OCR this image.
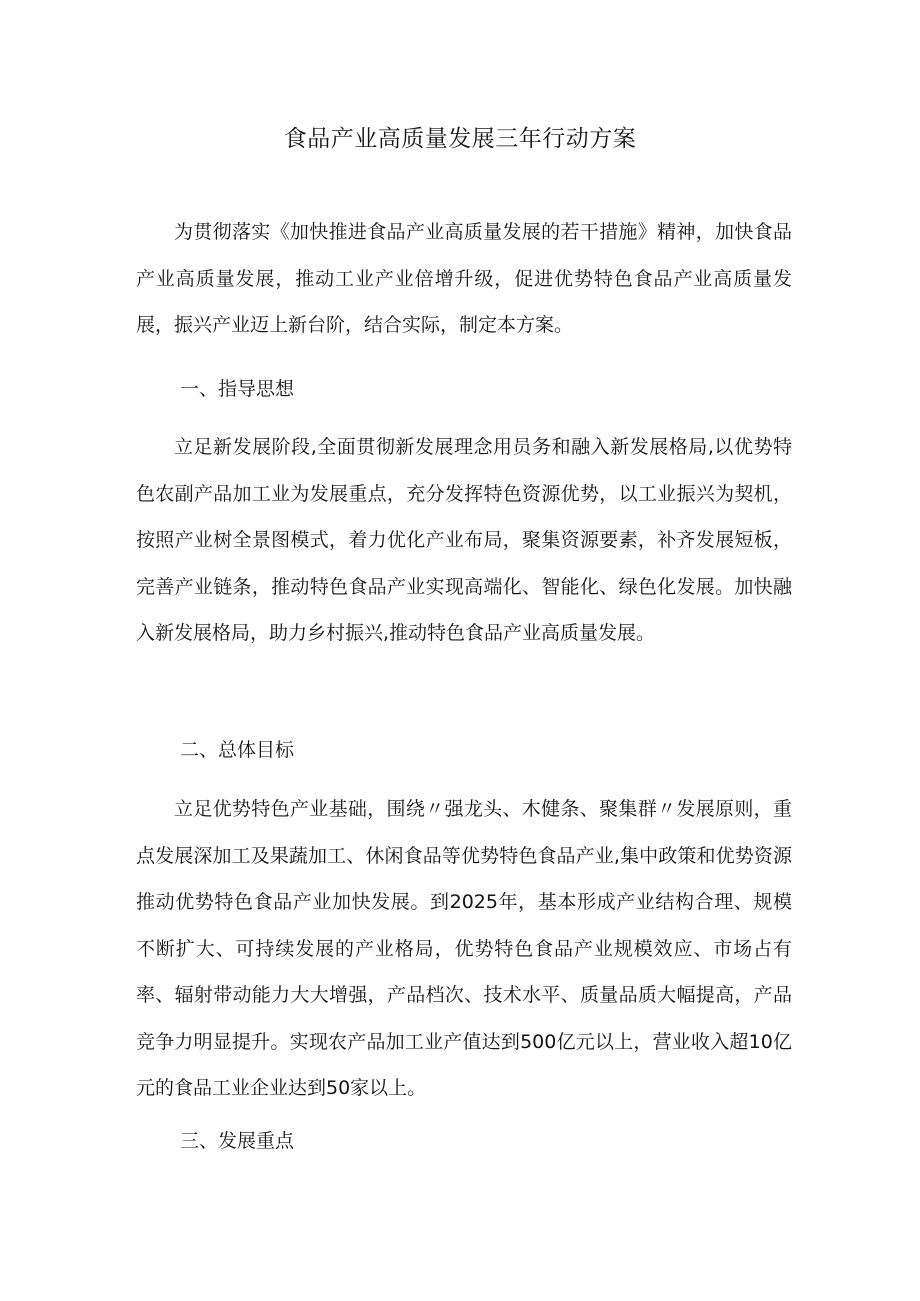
食品产业高质量发展三年行动方案

为贯彻落实《加快推进食品产业高质量发展的若干措施》精神，加快食品产业高质量发展，推动工业产业倍增升级，促进优势特色食品产业高质量发展，振兴产业迈上新台阶，结合实际，制定本方案。

一、指导思想

立足新发展阶段,全面贯彻新发展理念用员务和融入新发展格局,以优势特色农副产品加工业为发展重点，充分发挥特色资源优势，以工业振兴为契机，按照产业树全景图模式，着力优化产业布局，聚集资源要素，补齐发展短板，完善产业链条，推动特色食品产业实现高端化、智能化、绿色化发展。加快融入新发展格局，助力乡村振兴,推动特色食品产业高质量发展。

二、总体目标

立足优势特色产业基础，围绕〃强龙头、木健条、聚集群〃发展原则，重点发展深加工及果蔬加工、休闲食品等优势特色食品产业,集中政策和优势资源推动优势特色食品产业加快发展。到2025年，基本形成产业结构合理、规模不断扩大、可持续发展的产业格局，优势特色食品产业规模效应、市场占有率、辐射带动能力大大增强，产品档次、技术水平、质量品质大幅提高，产品竞争力明显提升。实现农产品加工业产值达到500亿元以上，营业收入超10亿元的食品工业企业达到50家以上。

三、发展重点
